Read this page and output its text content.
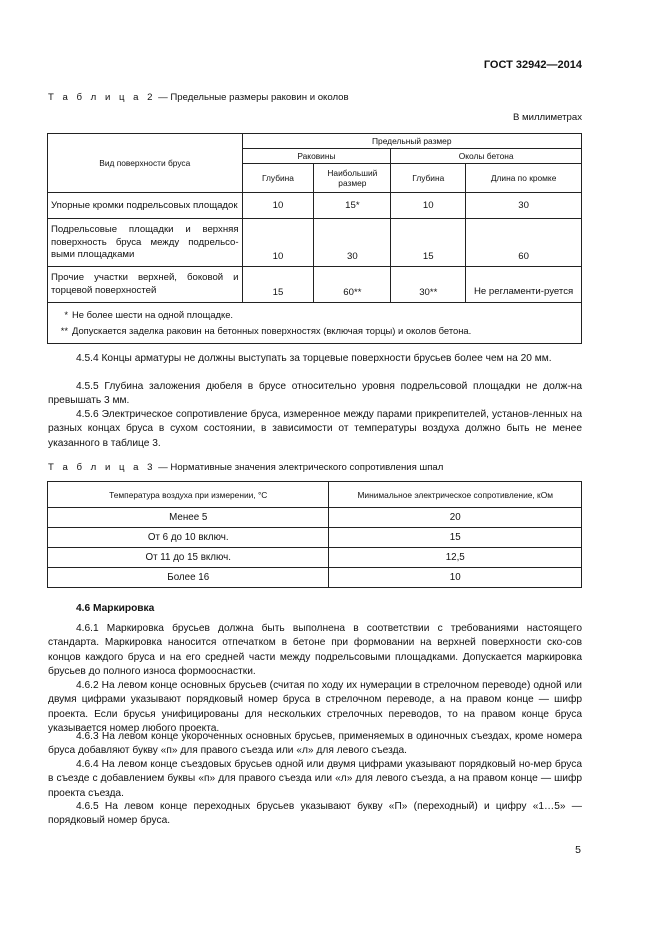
ГОСТ 32942—2014
Т а б л и ц а 2 — Предельные размеры раковин и околов
В миллиметрах
Вид поверхности бруса	Предельный размер			
	Раковины		Околы бетона	
	Глубина	Наибольший размер	Глубина	Длина по кромке
Упорные кромки подрельсовых площадок	10	15*	10	30
Подрельсовые площадки и верхняя поверхность бруса между подрельсо-выми площадками	10	30	15	60
Прочие участки верхней, боковой и торцевой поверхностей	15	60**	30**	Не регламенти-руется

* Не более шести на одной площадке.
** Допускается заделка раковин на бетонных поверхностях (включая торцы) и околов бетона.				
4.5.4 Концы арматуры не должны выступать за торцевые поверхности брусьев более чем на 20 мм.
4.5.5 Глубина заложения дюбеля в брусе относительно уровня подрельсовой площадки не долж-на превышать 3 мм.
4.5.6 Электрическое сопротивление бруса, измеренное между парами прикрепителей, установ-ленных на разных концах бруса в сухом состоянии, в зависимости от температуры воздуха должно быть не менее указанного в таблице 3.
Т а б л и ц а 3 — Нормативные значения электрического сопротивления шпал
Температура воздуха при измерении, °С	Минимальное электрическое сопротивление, кОм
Менее 5	20
От 6 до 10 включ.	15
От 11 до 15 включ.	12,5
Более 16	10
4.6 Маркировка
4.6.1 Маркировка брусьев должна быть выполнена в соответствии с требованиями настоящего стандарта. Маркировка наносится отпечатком в бетоне при формовании на верхней поверхности ско-сов концов каждого бруса и на его средней части между подрельсовыми площадками. Допускается маркировка брусьев до полного износа формооснастки.
4.6.2 На левом конце основных брусьев (считая по ходу их нумерации в стрелочном переводе) одной или двумя цифрами указывают порядковый номер бруса в стрелочном переводе, а на правом конце — шифр проекта. Если брусья унифицированы для нескольких стрелочных переводов, то на правом конце бруса указывается номер любого проекта.
4.6.3 На левом конце укороченных основных брусьев, применяемых в одиночных съездах, кроме номера бруса добавляют букву «п» для правого съезда или «л» для левого съезда.
4.6.4 На левом конце съездовых брусьев одной или двумя цифрами указывают порядковый но-мер бруса в съезде с добавлением буквы «п» для правого съезда или «л» для левого съезда, а на правом конце — шифр проекта съезда.
4.6.5 На левом конце переходных брусьев указывают букву «П» (переходный) и цифру «1…5» — порядковый номер бруса.
5
